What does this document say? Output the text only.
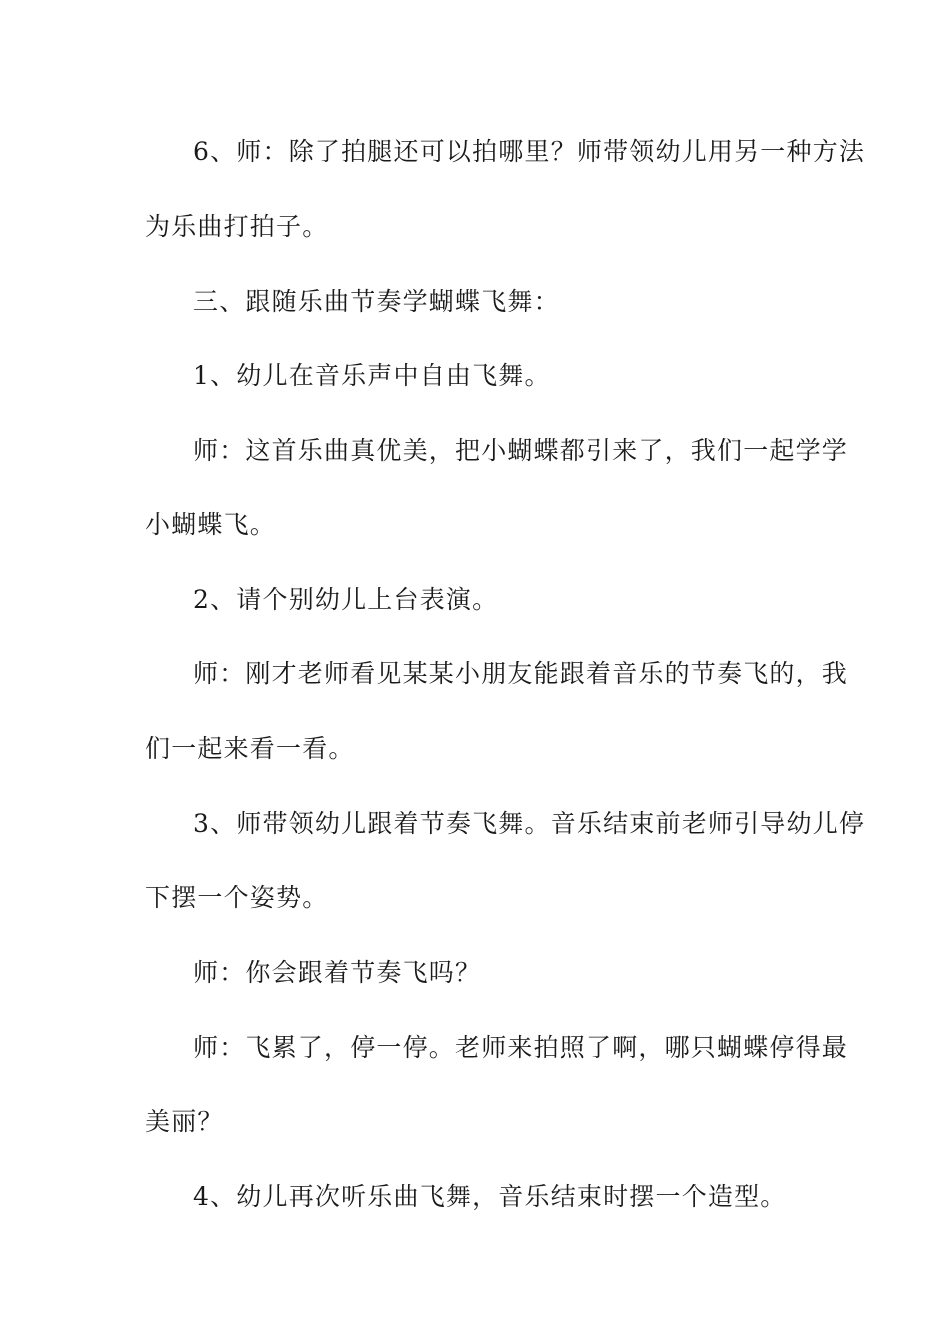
6、师：除了拍腿还可以拍哪里？师带领幼儿用另一种方法
为乐曲打拍子。
三、跟随乐曲节奏学蝴蝶飞舞：
1、幼儿在音乐声中自由飞舞。
师：这首乐曲真优美，把小蝴蝶都引来了，我们一起学学
小蝴蝶飞。
2、请个别幼儿上台表演。
师：刚才老师看见某某小朋友能跟着音乐的节奏飞的，我
们一起来看一看。
3、师带领幼儿跟着节奏飞舞。音乐结束前老师引导幼儿停
下摆一个姿势。
师：你会跟着节奏飞吗？
师：飞累了，停一停。老师来拍照了啊，哪只蝴蝶停得最
美丽？
4、幼儿再次听乐曲飞舞，音乐结束时摆一个造型。
